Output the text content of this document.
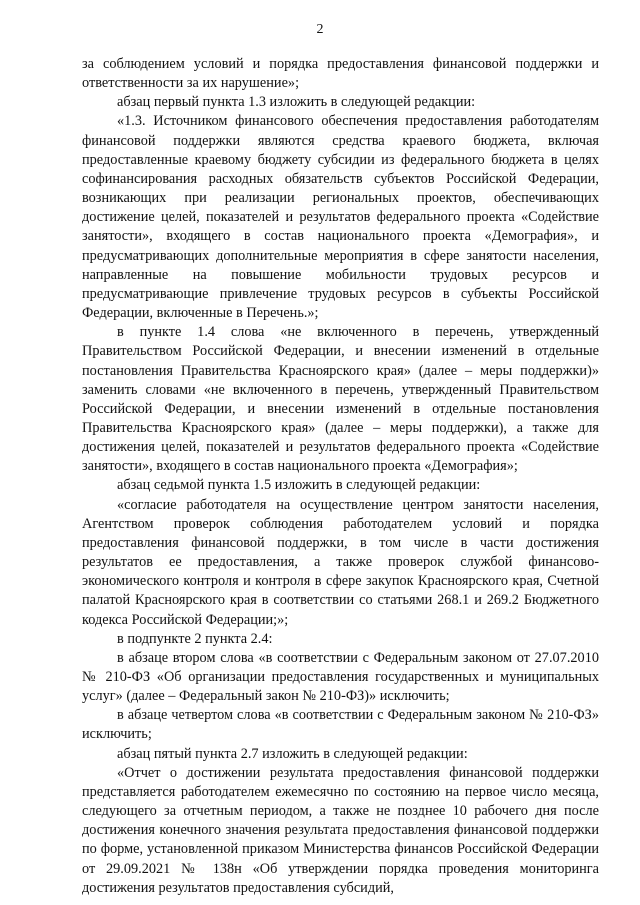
2

за соблюдением условий и порядка предоставления финансовой поддержки и ответственности за их нарушение»;

абзац первый пункта 1.3 изложить в следующей редакции:

«1.3. Источником финансового обеспечения предоставления работодателям финансовой поддержки являются средства краевого бюджета, включая предоставленные краевому бюджету субсидии из федерального бюджета в целях софинансирования расходных обязательств субъектов Российской Федерации, возникающих при реализации региональных проектов, обеспечивающих достижение целей, показателей и результатов федерального проекта «Содействие занятости», входящего в состав национального проекта «Демография», и предусматривающих дополнительные мероприятия в сфере занятости населения, направленные на повышение мобильности трудовых ресурсов и предусматривающие привлечение трудовых ресурсов в субъекты Российской Федерации, включенные в Перечень.»;

в пункте 1.4 слова «не включенного в перечень, утвержденный Правительством Российской Федерации, и внесении изменений в отдельные постановления Правительства Красноярского края» (далее – меры поддержки)» заменить словами «не включенного в перечень, утвержденный Правительством Российской Федерации, и внесении изменений в отдельные постановления Правительства Красноярского края» (далее – меры поддержки), а также для достижения целей, показателей и результатов федерального проекта «Содействие занятости», входящего в состав национального проекта «Демография»;

абзац седьмой пункта 1.5 изложить в следующей редакции:

«согласие работодателя на осуществление центром занятости населения, Агентством проверок соблюдения работодателем условий и порядка предоставления финансовой поддержки, в том числе в части достижения результатов ее предоставления, а также проверок службой финансово-экономического контроля и контроля в сфере закупок Красноярского края, Счетной палатой Красноярского края в соответствии со статьями 268.1 и 269.2 Бюджетного кодекса Российской Федерации;»;

в подпункте 2 пункта 2.4:

в абзаце втором слова «в соответствии с Федеральным законом от 27.07.2010 № 210-ФЗ «Об организации предоставления государственных и муниципальных услуг» (далее – Федеральный закон № 210-ФЗ)» исключить;

в абзаце четвертом слова «в соответствии с Федеральным законом № 210-ФЗ» исключить;

абзац пятый пункта 2.7 изложить в следующей редакции:

«Отчет о достижении результата предоставления финансовой поддержки представляется работодателем ежемесячно по состоянию на первое число месяца, следующего за отчетным периодом, а также не позднее 10 рабочего дня после достижения конечного значения результата предоставления финансовой поддержки по форме, установленной приказом Министерства финансов Российской Федерации от 29.09.2021 № 138н «Об утверждении порядка проведения мониторинга достижения результатов предоставления субсидий,
